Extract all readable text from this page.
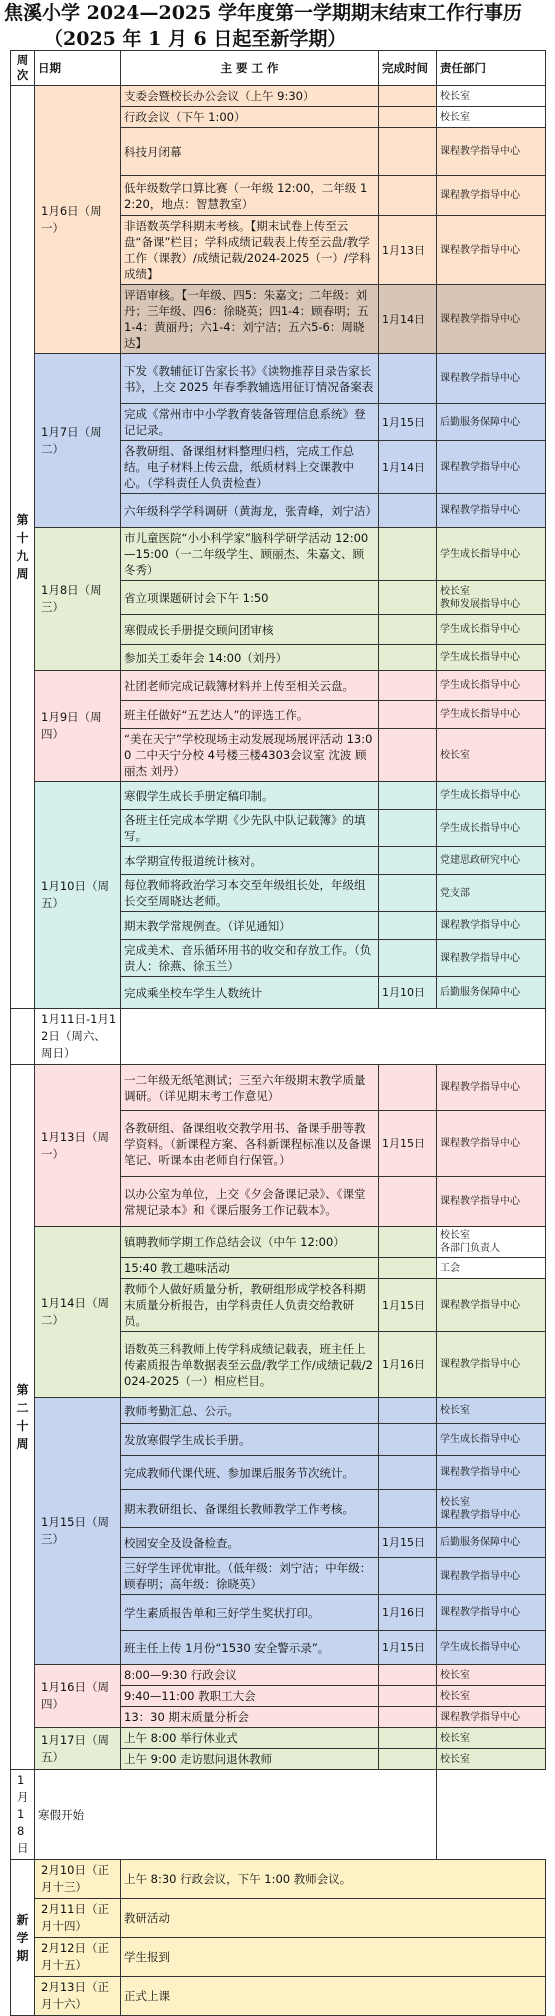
焦溪小学 2024—2025 学年度第一学期期末结束工作行事历
（2025 年 1 月 6 日起至新学期）
周次	日期	主 要 工 作	完成时间	责任部门
第十九周	1月6日（周一）	支委会暨校长办公会议（上午 9:30）		校长室
		行政会议（下午 1:00）		校长室
		科技月闭幕		课程教学指导中心
		低年级数学口算比赛（一年级 12:00，二年级 12:20，地点：智慧教室）		课程教学指导中心
		非语数英学科期末考核。【期末试卷上传至云盘“备课”栏目；学科成绩记载表上传至云盘/教学工作（课教）/成绩记载/2024-2025（一）/学科成绩】	1月13日	课程教学指导中心
		评语审核。【一年级、四5：朱嘉文；二年级：刘丹；三年级、四6：徐晓英；四1-4：顾春明；五1-4：黄丽丹；六1-4：刘宁洁；五六5-6：周晓达】	1月14日	课程教学指导中心
	1月7日（周二）	下发《教辅征订告家长书》《读物推荐目录告家长书》，上交 2025 年春季教辅选用征订情况备案表		课程教学指导中心
		完成《常州市中小学教育装备管理信息系统》登记记录。	1月15日	后勤服务保障中心
		各教研组、备课组材料整理归档，完成工作总结。电子材料上传云盘，纸质材料上交课教中心。（学科责任人负责检查）	1月14日	课程教学指导中心
		六年级科学学科调研（黄海龙，张青峰，刘宁洁）		课程教学指导中心
	1月8日（周三）	市儿童医院“小小科学家”脑科学研学活动 12:00—15:00（一二年级学生、顾丽杰、朱嘉文、顾冬秀）		学生成长指导中心
		省立项课题研讨会下午 1:50		校长室
教师发展指导中心
		寒假成长手册提交顾问团审核		学生成长指导中心
		参加关工委年会 14:00（刘丹）		学生成长指导中心
	1月9日（周四）	社团老师完成记载簿材料并上传至相关云盘。		学生成长指导中心
		班主任做好“五艺达人”的评选工作。		学生成长指导中心
		“美在天宁”学校现场主动发展现场展评活动 13:00 二中天宁分校 4号楼三楼4303会议室 沈波 顾丽杰 刘丹）		校长室
	1月10日（周五）	寒假学生成长手册定稿印制。		学生成长指导中心
		各班主任完成本学期《少先队中队记载簿》的填写。		学生成长指导中心
		本学期宣传报道统计核对。		党建思政研究中心
		每位教师将政治学习本交至年级组长处，年级组长交至周晓达老师。		党支部
		期末教学常规例查。（详见通知）		课程教学指导中心
		完成美术、音乐循环用书的收交和存放工作。（负责人：徐燕、徐玉兰）		课程教学指导中心
		完成乘坐校车学生人数统计	1月10日	后勤服务保障中心
	1月11日-1月12日（周六、周日）			
第二十周	1月13日（周一）	一二年级无纸笔测试；三至六年级期末教学质量调研。（详见期末考工作意见）		课程教学指导中心
		各教研组、备课组收交教学用书、备课手册等教学资料。（新课程方案、各科新课程标准以及备课笔记、听课本由老师自行保管。）	1月15日	课程教学指导中心
		以办公室为单位，上交《夕会备课记录》、《课堂常规记录本》和《课后服务工作记载本》。		课程教学指导中心
	1月14日（周二）	镇聘教师学期工作总结会议（中午 12:00）		校长室
各部门负责人
		15:40 教工趣味活动		工会
		教师个人做好质量分析，教研组形成学校各科期末质量分析报告，由学科责任人负责交给教研员。	1月15日	课程教学指导中心
		语数英三科教师上传学科成绩记载表，班主任上传素质报告单数据表至云盘/教学工作/成绩记载/2024-2025（一）相应栏目。	1月16日	课程教学指导中心
	1月15日（周三）	教师考勤汇总、公示。		校长室
		发放寒假学生成长手册。		学生成长指导中心
		完成教师代课代班、参加课后服务节次统计。		课程教学指导中心
		期末教研组长、备课组长教师教学工作考核。		校长室
课程教学指导中心
		校园安全及设备检查。	1月15日	后勤服务保障中心
		三好学生评优审批。（低年级：刘宁洁；中年级：顾春明；高年级：徐晓英）		课程教学指导中心
		学生素质报告单和三好学生奖状打印。	1月16日	课程教学指导中心
		班主任上传 1月份“1530 安全警示录”。	1月15日	学生成长指导中心
	1月16日（周四）	8:00—9:30 行政会议		校长室
		9:40—11:00 教职工大会		校长室
		13：30 期末质量分析会		课程教学指导中心
	1月17日（周五）	上午 8:00 举行休业式		校长室
		上午 9:00 走访慰问退休教师		校长室
1月18日	寒假开始			
新学期	2月10日（正月十三）	上午 8:30 行政会议，下午 1:00 教师会议。		
	2月11日（正月十四）	教研活动		
	2月12日（正月十五）	学生报到		
	2月13日（正月十六）	正式上课		
